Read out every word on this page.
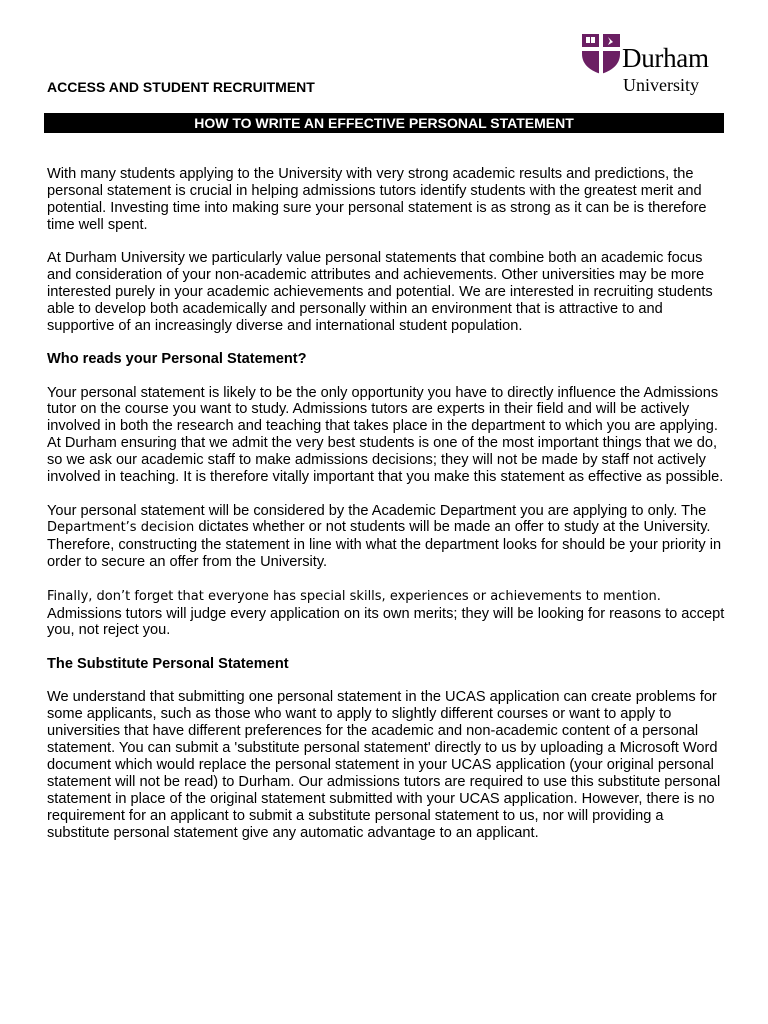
Durham
University
ACCESS AND STUDENT RECRUITMENT
HOW TO WRITE AN EFFECTIVE PERSONAL STATEMENT

With many students applying to the University with very strong academic results and predictions, the personal statement is crucial in helping admissions tutors identify students with the greatest merit and potential. Investing time into making sure your personal statement is as strong as it can be is therefore time well spent.

At Durham University we particularly value personal statements that combine both an academic focus and consideration of your non-academic attributes and achievements. Other universities may be more interested purely in your academic achievements and potential. We are interested in recruiting students able to develop both academically and personally within an environment that is attractive to and supportive of an increasingly diverse and international student population.

Who reads your Personal Statement?

Your personal statement is likely to be the only opportunity you have to directly influence the Admissions tutor on the course you want to study. Admissions tutors are experts in their field and will be actively involved in both the research and teaching that takes place in the department to which you are applying. At Durham ensuring that we admit the very best students is one of the most important things that we do, so we ask our academic staff to make admissions decisions; they will not be made by staff not actively involved in teaching. It is therefore vitally important that you make this statement as effective as possible.

Your personal statement will be considered by the Academic Department you are applying to only. The Department’s decision dictates whether or not students will be made an offer to study at the University. Therefore, constructing the statement in line with what the department looks for should be your priority in order to secure an offer from the University.

Finally, don’t forget that everyone has special skills, experiences or achievements to mention. Admissions tutors will judge every application on its own merits; they will be looking for reasons to accept you, not reject you.

The Substitute Personal Statement

We understand that submitting one personal statement in the UCAS application can create problems for some applicants, such as those who want to apply to slightly different courses or want to apply to universities that have different preferences for the academic and non-academic content of a personal statement. You can submit a 'substitute personal statement' directly to us by uploading a Microsoft Word document which would replace the personal statement in your UCAS application (your original personal statement will not be read) to Durham. Our admissions tutors are required to use this substitute personal statement in place of the original statement submitted with your UCAS application. However, there is no requirement for an applicant to submit a substitute personal statement to us, nor will providing a substitute personal statement give any automatic advantage to an applicant.
